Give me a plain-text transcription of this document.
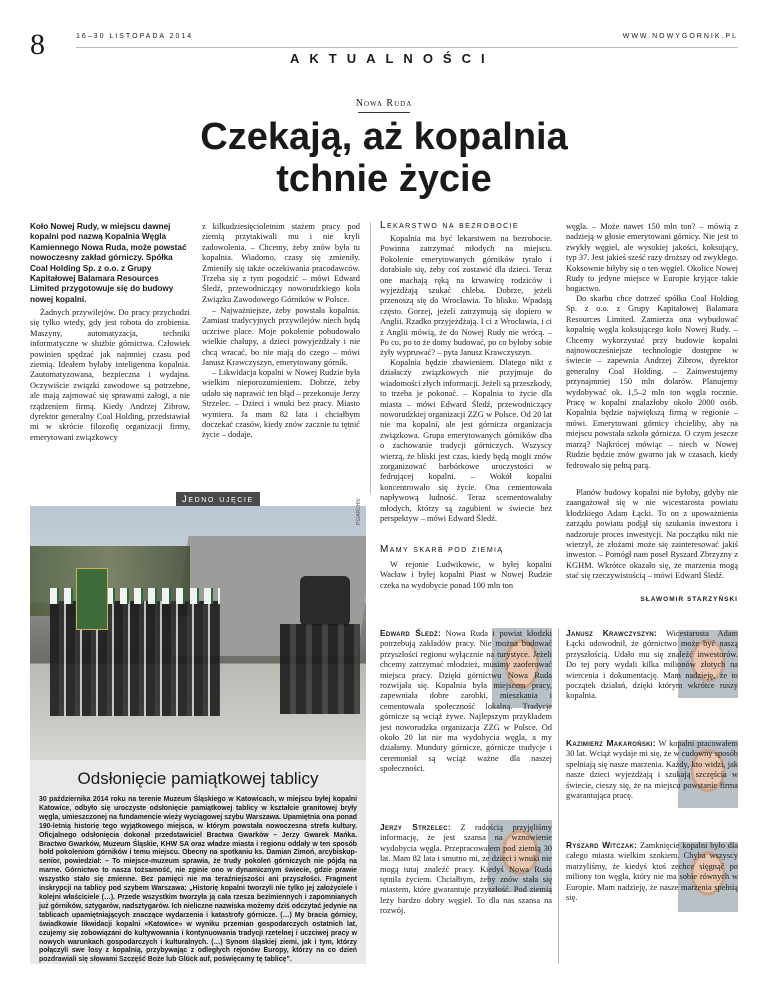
8	16–30 LISTOPADA 2014	WWW.NOWYGORNIK.PL
AKTUALNOŚCI
Nowa Ruda
Czekają, aż kopalnia
tchnie życie

Koło Nowej Rudy, w miejscu dawnej kopalni pod nazwą Kopalnia Węgla Kamiennego Nowa Ruda, może powstać nowoczesny zakład górniczy. Spółka Coal Holding Sp. z o.o. z Grupy Kapitałowej Balamara Resources Limited przygotowuje się do budowy nowej kopalni.

Żadnych przywilejów. Do pracy przychodzi się tylko wtedy, gdy jest robota do zrobienia. Maszyny, automatyzacja, techniki informatyczne w służbie górnictwa. Człowiek powinien spędzać jak najmniej czasu pod ziemią. Ideałem byłaby inteligentna kopalnia. Zautomatyzowana, bezpieczna i wydajna. Oczywiście związki zawodowe są potrzebne, ale mają zajmować się sprawami załogi, a nie rządzeniem firmą. Kiedy Andrzej Zibrow, dyrektor generalny Coal Holding, przedstawiał mi w skrócie filozofię organizacji firmy, emerytowani związkowcy

z kilkudziesięcioletnim stażem pracy pod ziemią przytakiwali mu i nie kryli zadowolenia. – Chcemy, żeby znów była tu kopalnia. Wiadomo, czasy się zmieniły. Zmieniły się także oczekiwania pracodawców. Trzeba się z tym pogodzić – mówi Edward Śledź, przewodniczący noworudzkiego koła Związku Zawodowego Górników w Polsce.

– Najważniejsze, żeby powstała kopalnia. Zamiast tradycyjnych przywilejów niech będą uczciwe place. Moje pokolenie pobudowało wielkie chałupy, a dzieci powyjeżdżały i nie chcą wracać, bo nie mają do czego – mówi Janusz Krawczyszyn, emerytowany górnik.

– Likwidacja kopalni w Nowej Rudzie była wielkim nieporozumieniem. Dobrze, żeby udało się naprawić ten błąd – przekonuje Jerzy Strzelec. – Dzieci i wnuki bez pracy. Miasto wymiera. Ja mam 82 lata i chciałbym doczekać czasów, kiedy znów zacznie tu tętnić życie – dodaje.

Lekarstwo na bezrobocie

Kopalnia ma być lekarstwem na bezrobocie. Powinna zatrzymać młodych na miejscu. Pokolenie emerytowanych górników tyrało i dorabiało się, żeby coś zostawić dla dzieci. Teraz one machają ręką na krwawicę rodziców i wyjeżdżają szukać chleba. Dobrze, jeżeli przenoszą się do Wrocławia. To blisko. Wpadają często. Gorzej, jeżeli zatrzymują się dopiero w Anglii. Rzadko przyjeżdżają. I ci z Wrocławia, i ci z Anglii mówią, że do Nowej Rudy nie wrócą. – Po co, po to że domy budować, po co byłoby sobie żyły wypruwać? – pyta Janusz Krawczyszyn.

Kopalnia będzie zbawieniem. Dlatego nikt z działaczy związkowych nie przyjmuje do wiadomości złych informacji. Jeżeli są przeszkody, to trzeba je pokonać. – Kopalnia to życie dla miasta – mówi Edward Śledź, przewodniczący noworudzkiej organizacji ZZG w Polsce. Od 20 lat nie ma kopalni, ale jest górnicza organizacja związkowa. Grupa emerytowanych górników dba o zachowanie tradycji górniczych. Wszyscy wierzą, że bliski jest czas, kiedy będą mogli znów zorganizować barbórkowe uroczystości w fedrującej kopalni. – Wokół kopalni koncentrowało się życie. Ona cementowała napływową ludność. Teraz scementowałaby młodych, którzy są zagubieni w świecie bez perspektyw – mówi Edward Śledź.

Mamy skarb pod ziemią

W rejonie Ludwikowic, w byłej kopalni Wacław i byłej kopalni Piast w Nowej Rudzie czeka na wydobycie ponad 100 mln ton

węgla. – Może nawet 150 mln ton? – mówią z nadzieją w głosie emerytowani górnicy. Nie jest to zwykły węgiel, ale wysokiej jakości, koksujący, typ 37. Jest jakieś sześć razy droższy od zwykłego. Koksownie biłyby się o ten węgiel. Okolice Nowej Rudy to jedyne miejsce w Europie kryjące takie bogactwo.

Do skarbu chce dotrzeć spółka Coal Holding Sp. z o.o. z Grupy Kapitałowej Balamara Resources Limited. Zamierza ona wybudować kopalnię węgla koksującego koło Nowej Rudy. – Chcemy wykorzystać przy budowie kopalni najnowocześniejsze technologie dostępne w świecie – zapewnia Andrzej Zibrow, dyrektor generalny Coal Holding. – Zainwestujemy przynajmniej 150 mln dolarów. Planujemy wydobywać ok. 1,5–2 mln ton węgla rocznie. Pracę w kopalni znalazłoby około 2000 osób. Kopalnia będzie największą firmą w regionie – mówi. Emerytowani górnicy chcieliby, aby na miejscu powstała szkoła górnicza. O czym jeszcze marzą? Najkrócej mówiąc – niech w Nowej Rudzie będzie znów gwarno jak w czasach, kiedy fedrowało się pełną parą.

Planów budowy kopalni nie byłoby, gdyby nie zaangażował się w nie wicestarosta powiatu kłodzkiego Adam Łącki. To on z upoważnienia zarządu powiatu podjął się szukania inwestora i nadzoruje proces inwestycji. Na początku nikt nie wierzył, że złożami może się zainteresować jakiś inwestor. – Pomógł nam poseł Ryszard Zbrzyzny z KGHM. Wkrótce okazało się, że marzenia mogą stać się rzeczywistością – mówi Edward Śledź.

SŁAWOMIR STARZYŃSKI
Jedno ujęcie	PS/ARCHIV
Odsłonięcie pamiątkowej tablicy

30 października 2014 roku na terenie Muzeum Śląskiego w Katowicach, w miejscu byłej kopalni Katowice, odbyło się uroczyste odsłonięcie pamiątkowej tablicy w kształcie granitowej bryły węgla, umieszczonej na fundamencie wieży wyciągowej szybu Warszawa. Upamiętnia ona ponad 190-letnią historię tego wyjątkowego miejsca, w którym powstała nowoczesna strefa kultury. Oficjalnego odsłonięcia dokonał przedstawiciel Bractwa Gwarków – Jerzy Gwarek Mańka. Bractwo Gwarków, Muzeum Śląskie, KHW SA oraz władze miasta i regionu oddały w ten sposób hołd pokoleniom górników i temu miejscu. Obecny na spotkaniu ks. Damian Zimoń, arcybiskup-senior, powiedział: – To miejsce-muzeum sprawia, że trudy pokoleń górniczych nie pójdą na marne. Górnictwo to nasza tożsamość, nie zginie ono w dynamicznym świecie, gdzie prawie wszystko stało się zmienne. Bez pamięci nie ma teraźniejszości ani przyszłości. Fragment inskrypcji na tablicy pod szybem Warszawa: „Historię kopalni tworzyli nie tylko jej założyciele i kolejni właściciele (…). Przede wszystkim tworzyła ją cała rzesza bezimiennych i zapomnianych już górników, sztygarów, nadsztygarów. Ich nieliczne nazwiska możemy dziś odczytać jedynie na tablicach upamiętniających znaczące wydarzenia i katastrofy górnicze. (…) My bracia górnicy, świadkowie likwidacji kopalni «Katowice» w wyniku przemian gospodarczych ostatnich lat, czujemy się zobowiązani do kultywowania i kontynuowania tradycji rzetelnej i uczciwej pracy w nowych warunkach gospodarczych i kulturalnych. (…) Synom śląskiej ziemi, jak i tym, którzy połączyli swe losy z kopalnią, przybywając z odległych rejonów Europy, którzy na co dzień pozdrawiali się słowami Szczęść Boże lub Glück auf, poświęcamy tę tablicę”.

Edward Śledź: Nowa Ruda i powiat kłodzki potrzebują zakładów pracy. Nie można budować przyszłości regionu wyłącznie na turystyce. Jeżeli chcemy zatrzymać młodzież, musimy zaoferować miejsca pracy. Dzięki górnictwu Nowa Ruda rozwijała się. Kopalnia była miejscem pracy, zapewniała dobre zarobki, mieszkania i cementowała społeczność lokalną. Tradycje górnicze są wciąż żywe. Najlepszym przykładem jest noworudzka organizacja ZZG w Polsce. Od około 20 lat nie ma wydobycia węgla, a my działamy. Mundury górnicze, górnicze tradycje i ceremoniał są wciąż ważne dla naszej społeczności.

Jerzy Strzelec: Z radością przyjęliśmy informację, że jest szansa na wznowienie wydobycia węgla. Przepracowałem pod ziemią 30 lat. Mam 82 lata i smutno mi, że dzieci i wnuki nie mogą tutaj znaleźć pracy. Kiedyś Nowa Ruda tętniła życiem. Chciałbym, żeby znów stała się miastem, które gwarantuje przyszłość. Pod ziemią leży bardzo dobry węgiel. To dla nas szansa na rozwój.

Janusz Krawczyszyn: Wicestarosta Adam Łącki udowodnił, że górnictwo może być naszą przyszłością. Udało mu się znaleźć inwestorów. Do tej pory wydali kilka milionów złotych na wiercenia i dokumentację. Mam nadzieję, że to początek działań, dzięki którym wkrótce ruszy kopalnia.

Kazimierz Makaroński: W kopalni pracowałem 30 lat. Wciąż wydaje mi się, że w cudowny sposób spełniają się nasze marzenia. Każdy, kto widzi, jak nasze dzieci wyjeżdżają i szukają szczęścia w świecie, cieszy się, że na miejscu powstanie firma gwarantująca pracę.

Ryszard Witczak: Zamknięcie kopalni było dla całego miasta wielkim szokiem. Chyba wszyscy marzyliśmy, że kiedyś ktoś zechce sięgnąć po miliony ton węgla, który nie ma sobie równych w Europie. Mam nadzieję, że nasze marzenia spełnią się.
